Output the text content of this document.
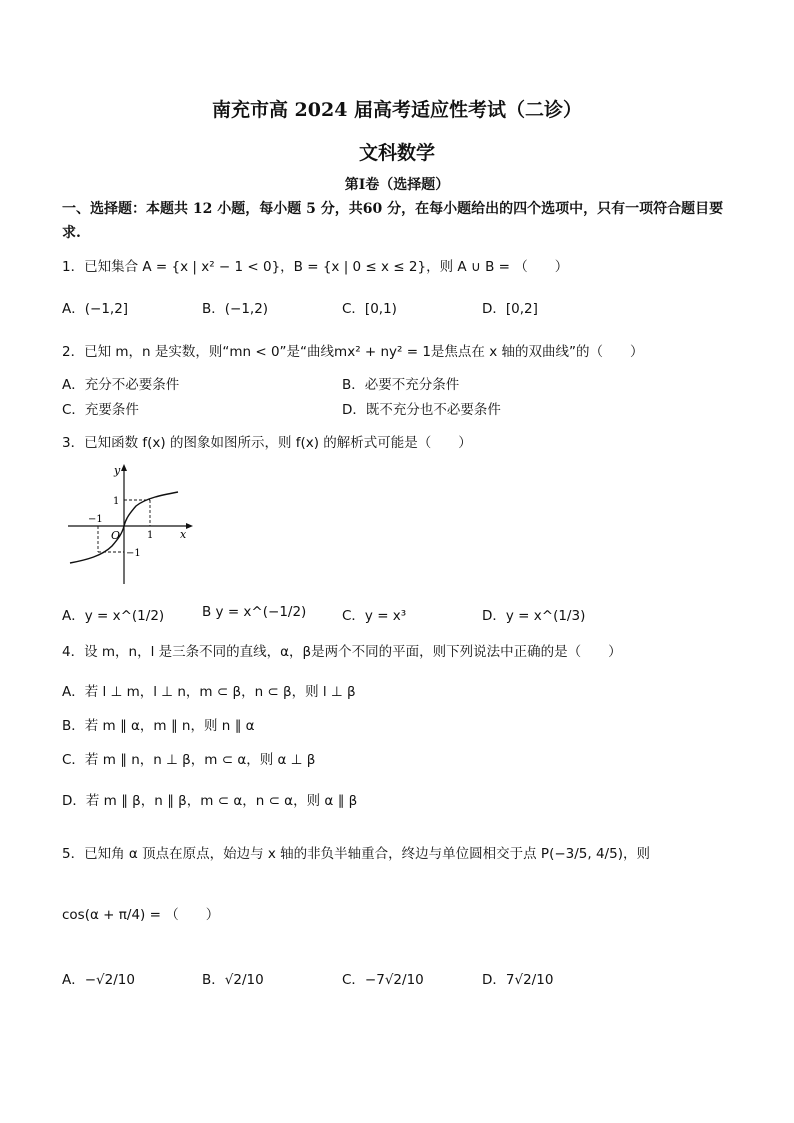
南充市高 2024 届高考适应性考试（二诊）
文科数学
第Ⅰ卷（选择题）
一、选择题：本题共 12 小题，每小题 5 分，共60 分，在每小题给出的四个选项中，只有一项符合题目要求.
1．已知集合 A = {x | x² − 1 < 0}，B = {x | 0 ≤ x ≤ 2}，则 A ∪ B = （　　）
A．(−1,2]	B．(−1,2)	C．[0,1)	D．[0,2]
2．已知 m，n 是实数，则“mn < 0”是“曲线mx² + ny² = 1是焦点在 x 轴的双曲线”的（　　）
A．充分不必要条件	B．必要不充分条件
C．充要条件	D．既不充分也不必要条件
3．已知函数 f(x) 的图象如图所示，则 f(x) 的解析式可能是（　　）
y
x
O
1
1
−1
−1
A．y = x^(1/2)	B y = x^(−1/2)	C．y = x³	D．y = x^(1/3)
4．设 m，n，l 是三条不同的直线，α，β是两个不同的平面，则下列说法中正确的是（　　）
A．若 l ⊥ m，l ⊥ n，m ⊂ β，n ⊂ β，则 l ⊥ β
B．若 m ∥ α，m ∥ n，则 n ∥ α
C．若 m ∥ n，n ⊥ β，m ⊂ α，则 α ⊥ β
D．若 m ∥ β，n ∥ β，m ⊂ α，n ⊂ α，则 α ∥ β
5．已知角 α 顶点在原点，始边与 x 轴的非负半轴重合，终边与单位圆相交于点 P(−3/5, 4/5)，则
cos(α + π/4) = （　　）
A．−√2/10	B．√2/10	C．−7√2/10	D．7√2/10
